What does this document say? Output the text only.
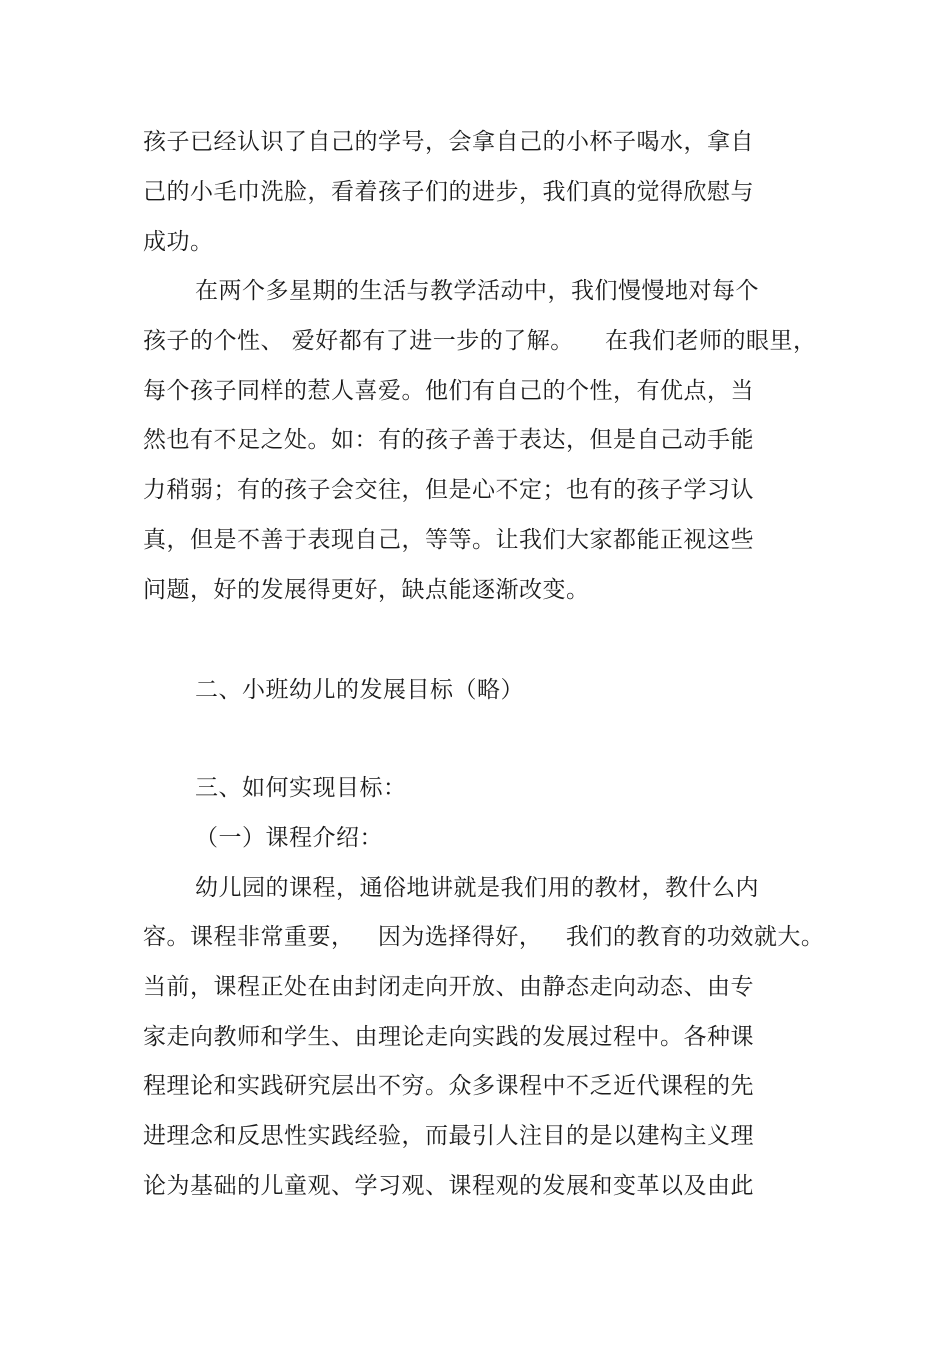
孩子已经认识了自己的学号，会拿自己的小杯子喝水，拿自
己的小毛巾洗脸，看着孩子们的进步，我们真的觉得欣慰与
成功。
在两个多星期的生活与教学活动中，我们慢慢地对每个
孩子的个性、 爱好都有了进一步的了解。    在我们老师的眼里，
每个孩子同样的惹人喜爱。他们有自己的个性，有优点，当
然也有不足之处。如：有的孩子善于表达，但是自己动手能
力稍弱；有的孩子会交往，但是心不定；也有的孩子学习认
真，但是不善于表现自己，等等。让我们大家都能正视这些
问题，好的发展得更好，缺点能逐渐改变。
二、小班幼儿的发展目标（略）
三、如何实现目标：
（一）课程介绍：
幼儿园的课程，通俗地讲就是我们用的教材，教什么内
容。课程非常重要，   因为选择得好，   我们的教育的功效就大。
当前，课程正处在由封闭走向开放、由静态走向动态、由专
家走向教师和学生、由理论走向实践的发展过程中。各种课
程理论和实践研究层出不穷。众多课程中不乏近代课程的先
进理念和反思性实践经验，而最引人注目的是以建构主义理
论为基础的儿童观、学习观、课程观的发展和变革以及由此
